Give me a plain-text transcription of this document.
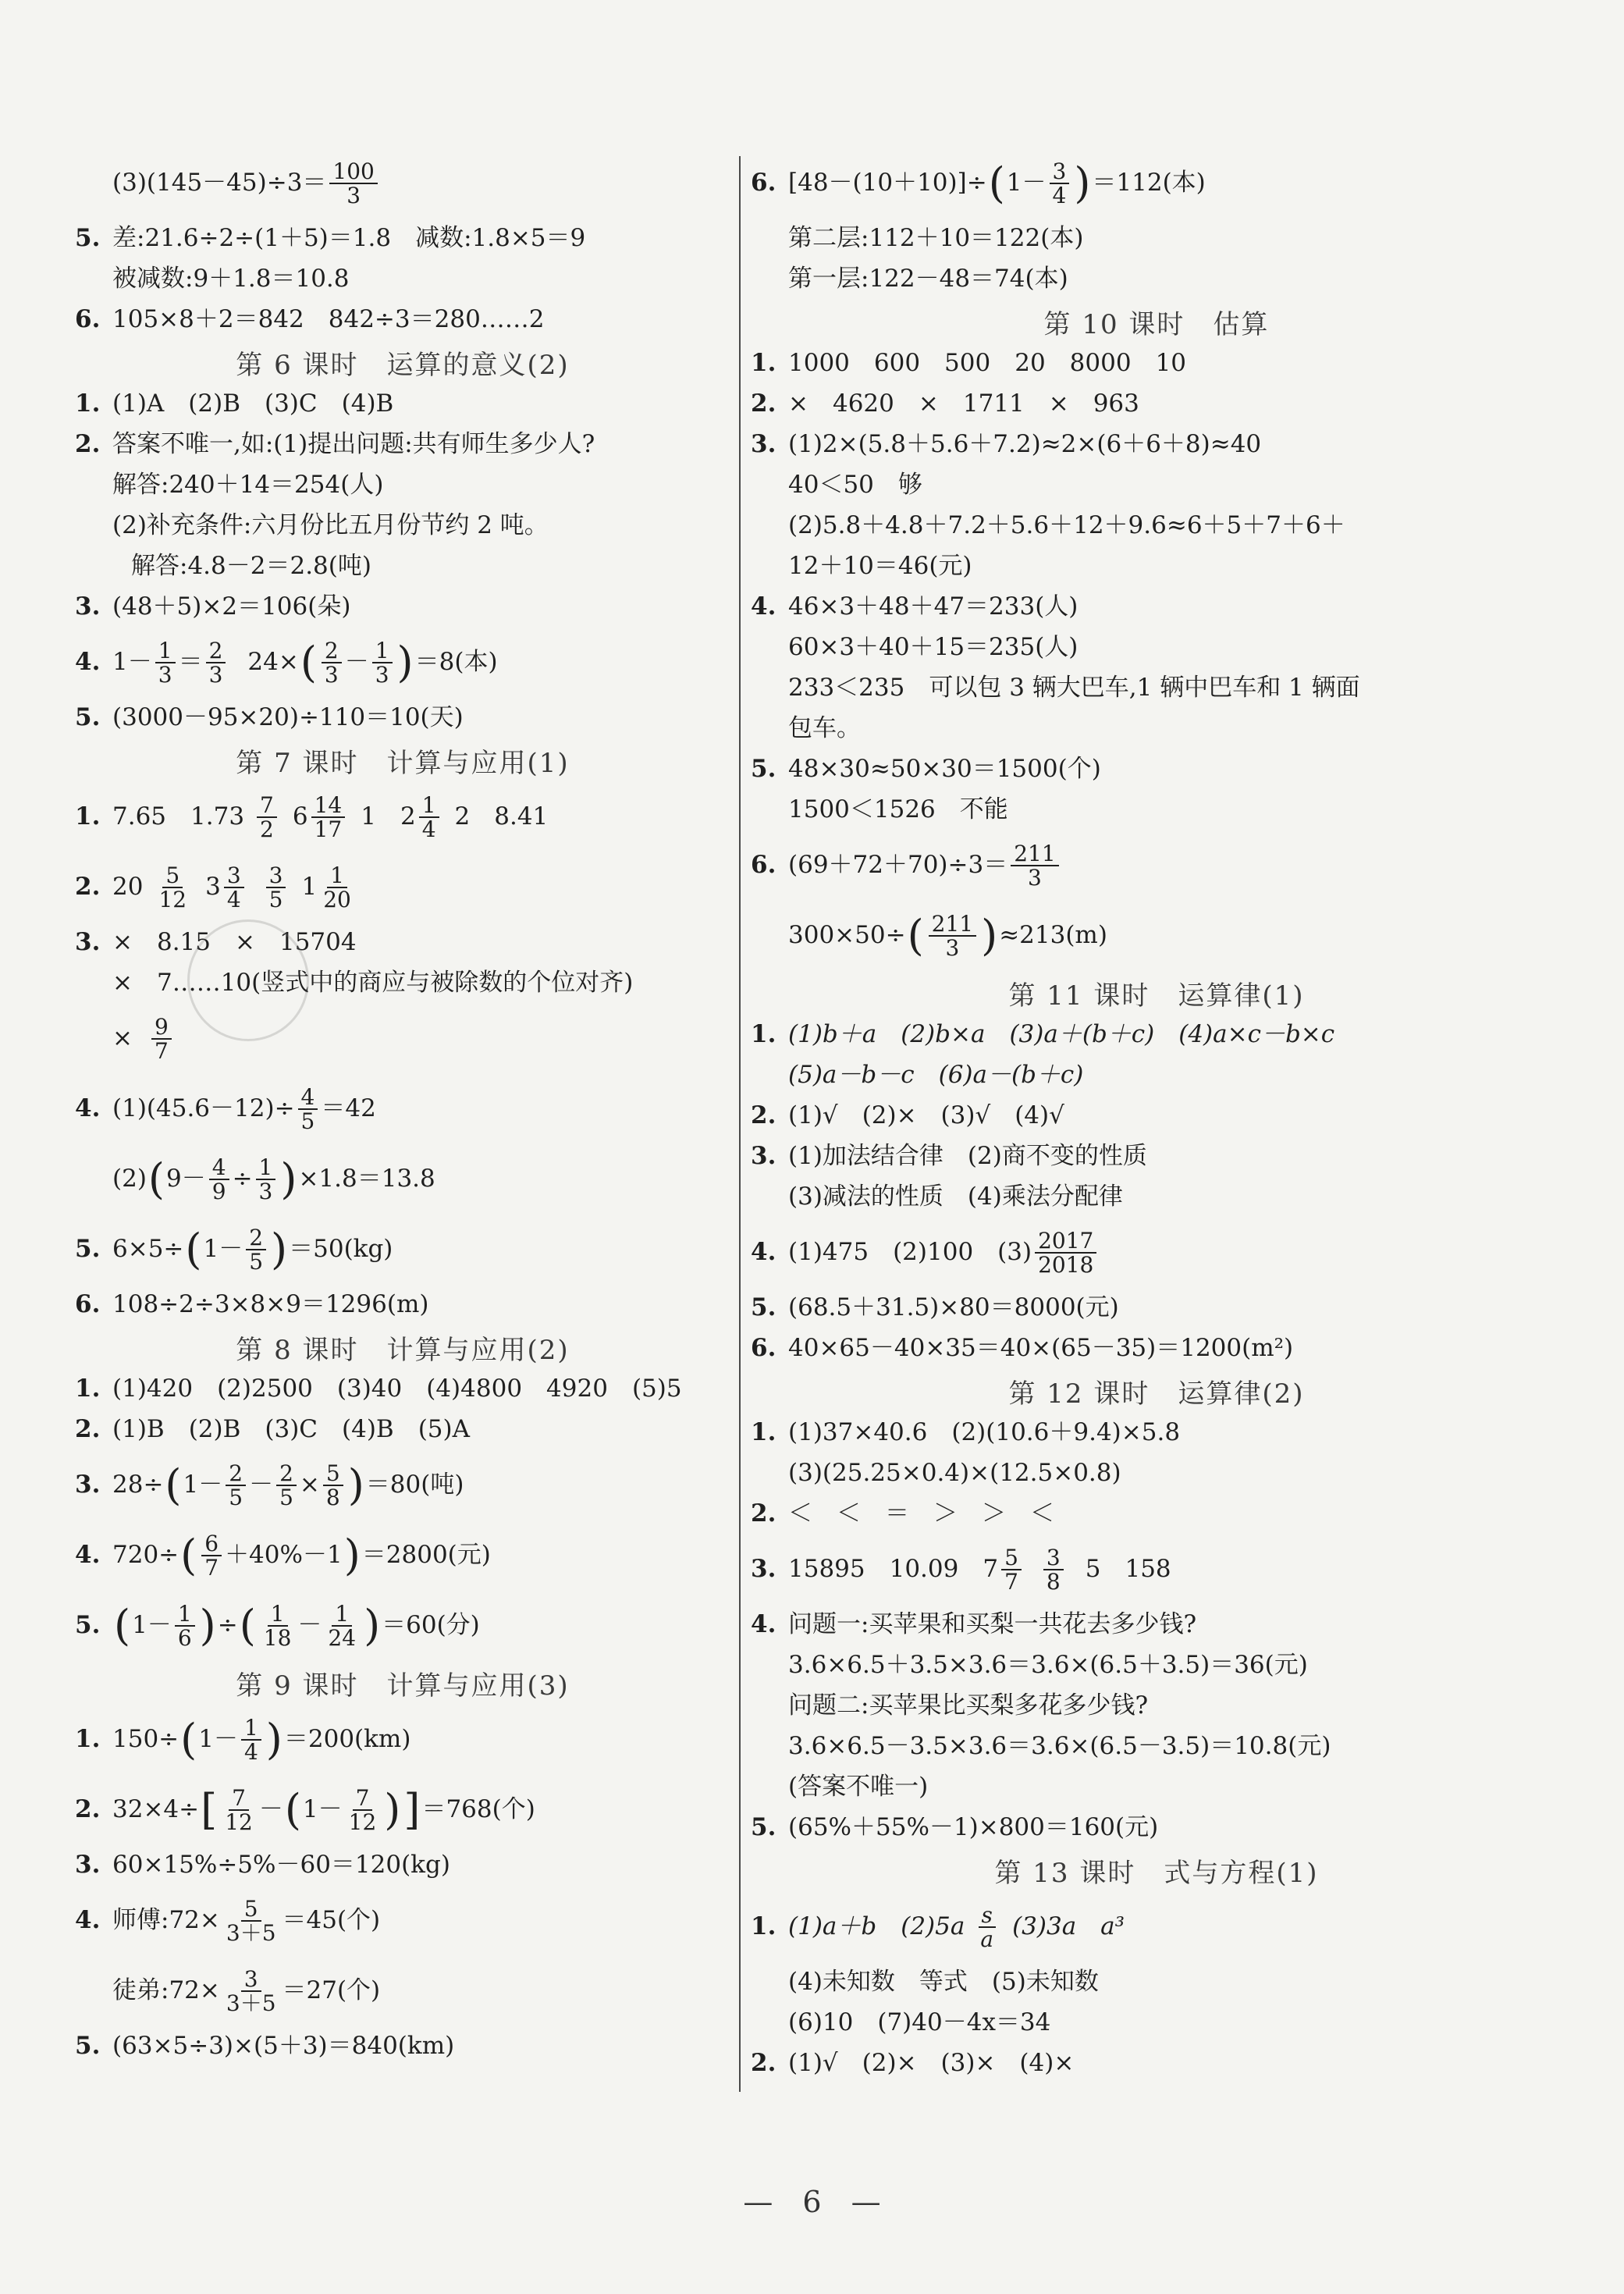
$(3)(145-45)\div 3= \frac{100}{3}$
5. 差:21.6÷2÷(1＋5)＝1.8　减数:1.8×5＝9
被减数:9＋1.8＝10.8
6. 105×8＋2＝842　842÷3＝280……2
第 6 课时　运算的意义(2)
1. (1)A　(2)B　(3)C　(4)B
2. 答案不唯一,如:(1)提出问题:共有师生多少人?
解答:240＋14＝254(人)
(2)补充条件:六月份比五月份节约 2 吨。
解答:4.8－2＝2.8(吨)
3. (48＋5)×2＝106(朵)
4. $1- \frac{1}{3} = \frac{2}{3} 24\times$ ( $\frac{2}{3} - \frac{1}{3}$ ) ＝8(本)
5. (3000－95×20)÷110＝10(天)
第 7 课时　计算与应用(1)
1. 7.65　$1.73 \frac{7}{2} 6 \frac{14}{17} 1$　$2 \frac{1}{4} 2$　8.41
2. $20 \frac{5}{12} 3 \frac{3}{4} \frac{3}{5} 1 \frac{1}{20}$
3. ×　8.15　×　15704
×　7……10(竖式中的商应与被除数的个位对齐)
× $\frac{9}{7}$
4. $(1)(45.6-12)\div \frac{4}{5} =42$
(2) ( $9- \frac{4}{9} \div \frac{1}{3}$ ) ×1.8＝13.8
5. 6×5÷ ( $1- \frac{2}{5}$ ) ＝50(kg)
6. 108÷2÷3×8×9＝1296(m)
第 8 课时　计算与应用(2)
1. (1)420　(2)2500　(3)40　(4)4800　4920　(5)5
2. (1)B　(2)B　(3)C　(4)B　(5)A
3. 28÷ ( $1- \frac{2}{5} - \frac{2}{5} \times \frac{5}{8}$ ) ＝80(吨)
4. 720÷ ( $\frac{6}{7} +40\%-1$ ) ＝2800(元)
5. ( $1- \frac{1}{6}$ ) ÷ ( $\frac{1}{18} - \frac{1}{24}$ ) ＝60(分)
第 9 课时　计算与应用(3)
1. 150÷ ( $1- \frac{1}{4}$ ) ＝200(km)
2. 32×4÷ [ $\frac{7}{12}$ － ( $1- \frac{7}{12}$ ) ] ＝768(个)
3. 60×15%÷5%－60＝120(kg)
4. 师傅:72× $\frac{5}{3+5} =45$(个)
徒弟:72× $\frac{3}{3+5} =27$(个)
5. (63×5÷3)×(5＋3)＝840(km)
6. [48－(10＋10)]÷ ( $1- \frac{3}{4}$ ) ＝112(本)
第二层:112＋10＝122(本)
第一层:122－48＝74(本)
第 10 课时　估算
1. 1000　600　500　20　8000　10
2. ×　4620　×　1711　×　963
3. (1)2×(5.8＋5.6＋7.2)≈2×(6＋6＋8)≈40
40＜50　够
(2)5.8＋4.8＋7.2＋5.6＋12＋9.6≈6＋5＋7＋6＋
12＋10＝46(元)
4. 46×3＋48＋47＝233(人)
60×3＋40＋15＝235(人)
233＜235　可以包 3 辆大巴车,1 辆中巴车和 1 辆面
包车。
5. 48×30≈50×30＝1500(个)
1500＜1526　不能
6. $(69+72+70)\div 3= \frac{211}{3}$
300×50÷ ( $\frac{211}{3}$ ) ≈213(m)
第 11 课时　运算律(1)
1. (1)b＋a　(2)b×a　(3)a＋(b＋c)　(4)a×c－b×c
(5)a－b－c　(6)a－(b＋c)
2. (1)√　(2)×　(3)√　(4)√
3. (1)加法结合律　(2)商不变的性质
(3)减法的性质　(4)乘法分配律
4. (1)475　(2)100　$(3) \frac{2017}{2018}$
5. (68.5＋31.5)×80＝8000(元)
6. 40×65－40×35＝40×(65－35)＝1200(m²)
第 12 课时　运算律(2)
1. (1)37×40.6　(2)(10.6＋9.4)×5.8
(3)(25.25×0.4)×(12.5×0.8)
2. ＜　＜　＝　＞　＞　＜
3. 15895　10.09　$7 \frac{5}{7} \frac{3}{8} 5$　158
4. 问题一:买苹果和买梨一共花去多少钱?
3.6×6.5＋3.5×3.6＝3.6×(6.5＋3.5)＝36(元)
问题二:买苹果比买梨多花多少钱?
3.6×6.5－3.5×3.6＝3.6×(6.5－3.5)＝10.8(元)
(答案不唯一)
5. (65%＋55%－1)×800＝160(元)
第 13 课时　式与方程(1)
1. (1)a＋b　$(2)5a \frac{s}{a} (3)3a$　a³
(4)未知数　等式　(5)未知数
(6)10　(7)40－4x＝34
2. (1)√　(2)×　(3)×　(4)×
—　6　—
